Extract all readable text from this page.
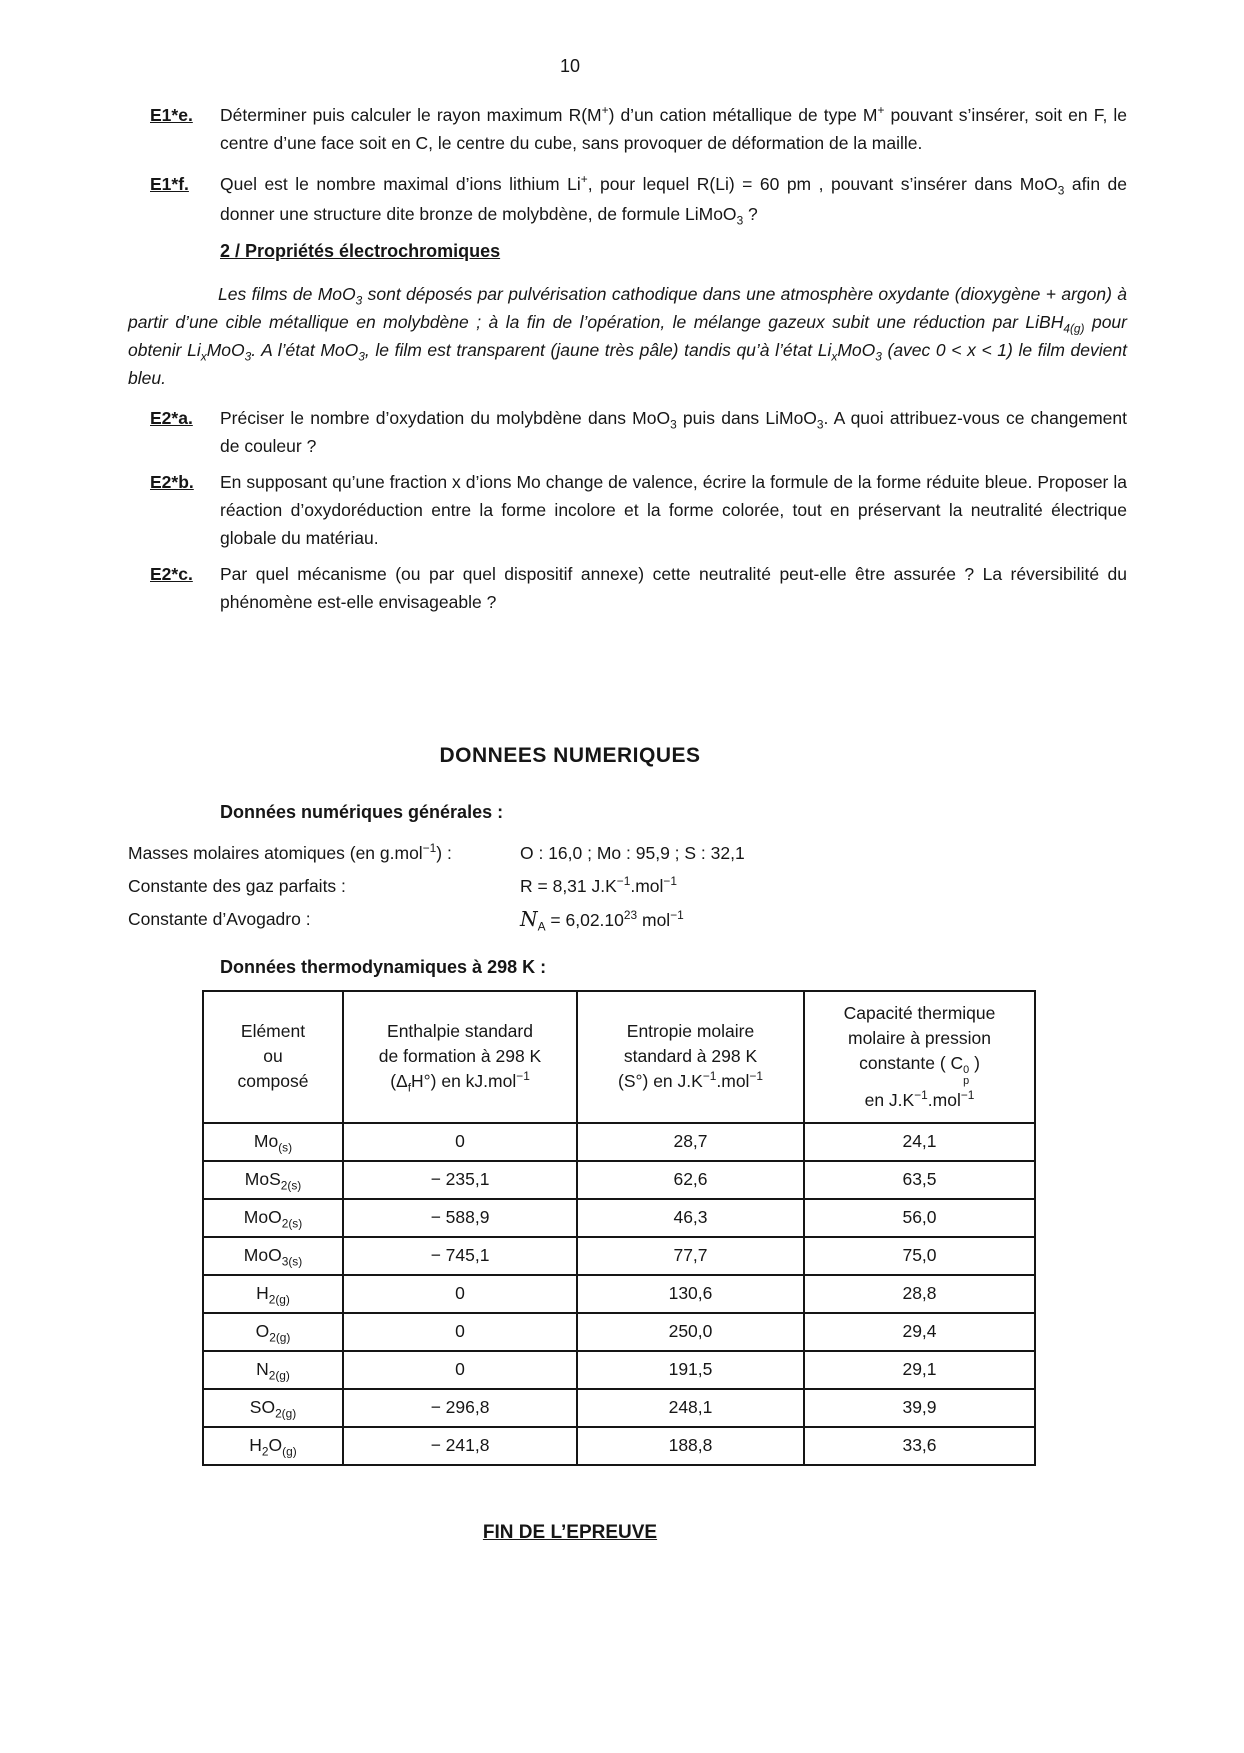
10
E1*e.	Déterminer puis calculer le rayon maximum R(M+) d’un cation métallique de type M+ pouvant s’insérer, soit en F, le centre d’une face soit en C, le centre du cube, sans provoquer de déformation de la maille.
E1*f.	Quel est le nombre maximal d’ions lithium Li+, pour lequel R(Li) = 60 pm , pouvant s’insérer dans MoO$_3$ afin de donner une structure dite bronze de molybdène, de formule LiMoO$_3$ ?
2 / Propriétés électrochromiques
Les films de MoO$_3$ sont déposés par pulvérisation cathodique dans une atmosphère oxydante (dioxygène + argon) à partir d’une cible métallique en molybdène ; à la fin de l’opération, le mélange gazeux subit une réduction par LiBH$_{4(g)}$ pour obtenir $Li_xMoO_3$. A l’état MoO$_3$, le film est transparent (jaune très pâle) tandis qu’à l’état $Li_xMoO_3$ (avec 0 < x < 1) le film devient bleu.
E2*a.	Préciser le nombre d’oxydation du molybdène dans MoO$_3$ puis dans LiMoO$_3$. A quoi attribuez-vous ce changement de couleur ?
E2*b.	En supposant qu’une fraction x d’ions Mo change de valence, écrire la formule de la forme réduite bleue. Proposer la réaction d’oxydoréduction entre la forme incolore et la forme colorée, tout en préservant la neutralité électrique globale du matériau.
E2*c.	Par quel mécanisme (ou par quel dispositif annexe) cette neutralité peut-elle être assurée ? La réversibilité du phénomène est-elle envisageable ?
DONNEES NUMERIQUES
Données numériques générales :
Masses molaires atomiques (en g.mol$^{-1}$) :	O : 16,0 ; Mo : 95,9 ; S : 32,1
Constante des gaz parfaits :	R = 8,31 $J.K^{-1}.mol^{-1}$
Constante d’Avogadro :	$N_A = 6,02.10^{23}$ mol$^{-1}$
Données thermodynamiques à 298 K :
Elément
ou
composé	Enthalpie standard
de formation à 298 K
$(\Delta_fH^\circ)$ en kJ.mol$^{-1}$	Entropie molaire
standard à 298 K
(S°) en $J.K^{-1}.mol^{-1}$	Capacité thermique
molaire à pression
constante ( C 0
p
)
en $J.K^{-1}.mol^{-1}$
$Mo_{(s)}$	0	28,7	24,1
MoS$_{2(s)}$	− 235,1	62,6	63,5
MoO$_{2(s)}$	− 588,9	46,3	56,0
MoO$_{3(s)}$	− 745,1	77,7	75,0
$H_{2(g)}$	0	130,6	28,8
$O_{2(g)}$	0	250,0	29,4
$N_{2(g)}$	0	191,5	29,1
$SO_{2(g)}$	− 296,8	248,1	39,9
$H_2O_{(g)}$	− 241,8	188,8	33,6
FIN DE L’EPREUVE
